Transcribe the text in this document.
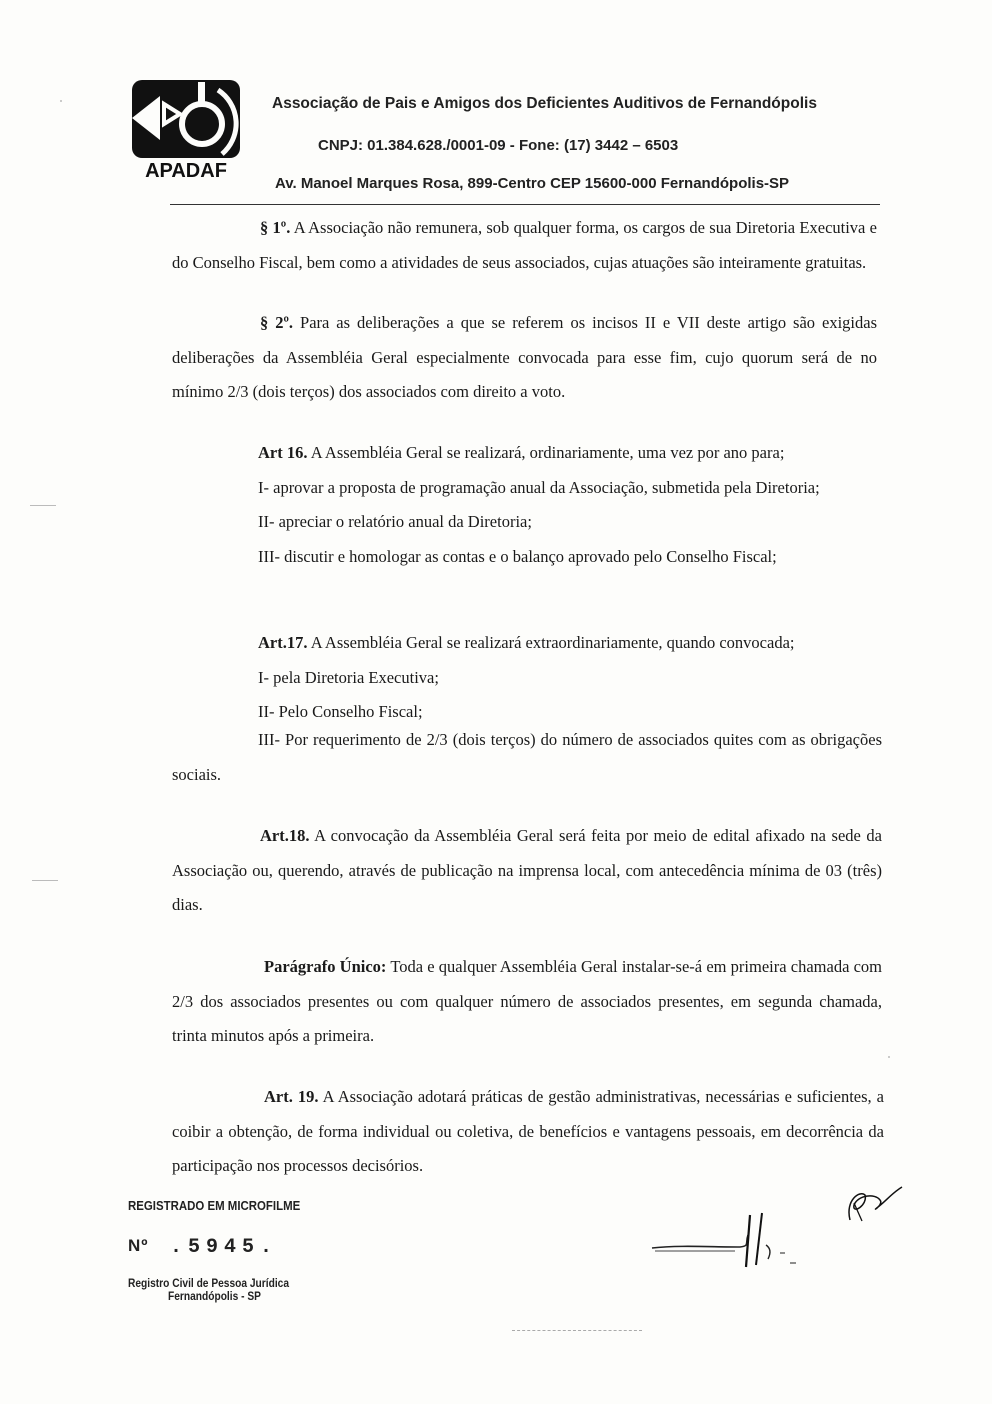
APADAF
Associação de Pais e Amigos dos Deficientes Auditivos de Fernandópolis
CNPJ: 01.384.628./0001-09 - Fone: (17) 3442 – 6503
Av. Manoel Marques Rosa, 899-Centro CEP 15600-000 Fernandópolis-SP

§ 1º. A Associação não remunera, sob qualquer forma, os cargos de sua Diretoria Executiva e do Conselho Fiscal, bem como a atividades de seus associados, cujas atuações são inteiramente gratuitas.

§ 2º. Para as deliberações a que se referem os incisos II e VII deste artigo são exigidas deliberações da Assembléia Geral especialmente convocada para esse fim, cujo quorum será de no mínimo 2/3 (dois terços) dos associados com direito a voto.

Art 16. A Assembléia Geral se realizará, ordinariamente, uma vez por ano para;
I- aprovar a proposta de programação anual da Associação, submetida pela Diretoria;
II- apreciar o relatório anual da Diretoria;
III- discutir e homologar as contas e o balanço aprovado pelo Conselho Fiscal;
Art.17. A Assembléia Geral se realizará extraordinariamente, quando convocada;
I- pela Diretoria Executiva;
II- Pelo Conselho Fiscal;

III- Por requerimento de 2/3 (dois terços) do número de associados quites com as obrigações sociais.

Art.18. A convocação da Assembléia Geral será feita por meio de edital afixado na sede da Associação ou, querendo, através de publicação na imprensa local, com antecedência mínima de 03 (três) dias.

Parágrafo Único: Toda e qualquer Assembléia Geral instalar-se-á em primeira chamada com 2/3 dos associados presentes ou com qualquer número de associados presentes, em segunda chamada, trinta minutos após a primeira.

Art. 19. A Associação adotará práticas de gestão administrativas, necessárias e suficientes, a coibir a obtenção, de forma individual ou coletiva, de benefícios e vantagens pessoais, em decorrência da participação nos processos decisórios.

REGISTRADO EM MICROFILME
Nº .5945.
Registro Civil de Pessoa Jurídica
Fernandópolis - SP
